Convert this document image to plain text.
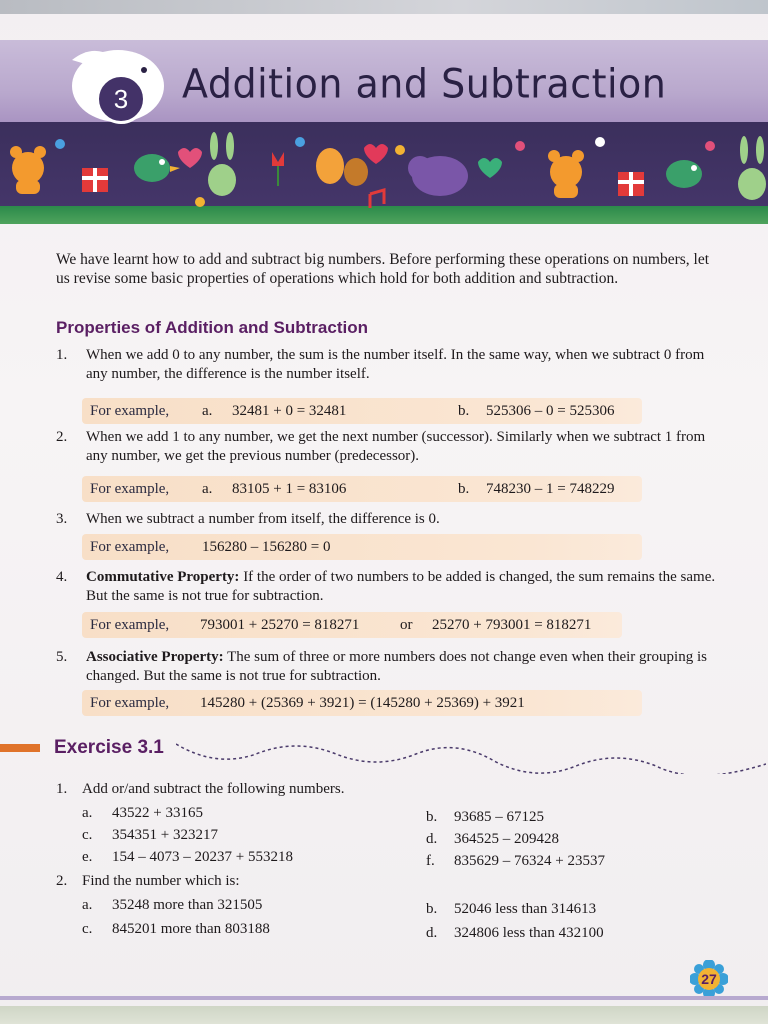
3	Addition and Subtraction
We have learnt how to add and subtract big numbers. Before performing these operations on numbers, let us revise some basic properties of operations which hold for both addition and subtraction.
Properties of Addition and Subtraction
1. When we add 0 to any number, the sum is the number itself. In the same way, when we subtract 0 from any number, the difference is the number itself.
For example, a. 32481 + 0 = 32481	b. 525306 – 0 = 525306
2. When we add 1 to any number, we get the next number (successor). Similarly when we subtract 1 from any number, we get the previous number (predecessor).
For example, a. 83105 + 1 = 83106	b. 748230 – 1 = 748229
3. When we subtract a number from itself, the difference is 0.
For example, 156280 – 156280 = 0
4. Commutative Property: If the order of two numbers to be added is changed, the sum remains the same. But the same is not true for subtraction.
For example, 793001 + 25270 = 818271	or 25270 + 793001 = 818271
5. Associative Property: The sum of three or more numbers does not change even when their grouping is changed. But the same is not true for subtraction.
For example, 145280 + (25369 + 3921) = (145280 + 25369) + 3921
Exercise 3.1
1. Add or/and subtract the following numbers.
a. 43522 + 33165	b. 93685 – 67125
c. 354351 + 323217	d. 364525 – 209428
e. 154 – 4073 – 20237 + 553218	f. 835629 – 76324 + 23537
2. Find the number which is:
a. 35248 more than 321505	b. 52046 less than 314613
c. 845201 more than 803188	d. 324806 less than 432100
27
